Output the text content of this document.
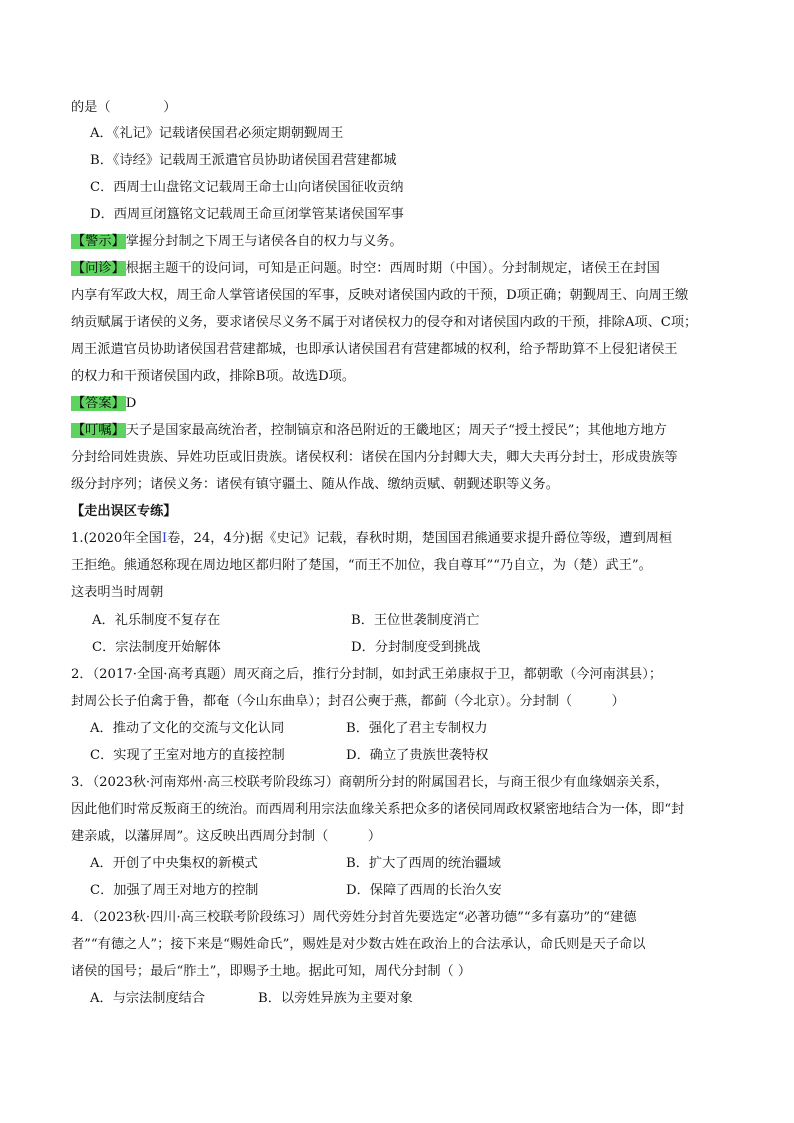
的是（　　　　）
A．《礼记》记载诸侯国君必须定期朝觐周王
B．《诗经》记载周王派遣官员协助诸侯国君营建都城
C．西周士山盘铭文记载周王命士山向诸侯国征收贡纳
D．西周亘闭簋铭文记载周王命亘闭掌管某诸侯国军事
【警示】掌握分封制之下周王与诸侯各自的权力与义务。
【问诊】根据主题干的设问词，可知是正问题。时空：西周时期（中国）。分封制规定，诸侯王在封国
内享有军政大权，周王命人掌管诸侯国的军事，反映对诸侯国内政的干预，D项正确；朝觐周王、向周王缴
纳贡赋属于诸侯的义务，要求诸侯尽义务不属于对诸侯权力的侵夺和对诸侯国内政的干预，排除A项、C项；
周王派遣官员协助诸侯国君营建都城，也即承认诸侯国君有营建都城的权利，给予帮助算不上侵犯诸侯王
的权力和干预诸侯国内政，排除B项。故选D项。
【答案】D
【叮嘱】天子是国家最高统治者，控制镐京和洛邑附近的王畿地区；周天子“授土授民”；其他地方地方
分封给同姓贵族、异姓功臣或旧贵族。诸侯权利：诸侯在国内分封卿大夫，卿大夫再分封士，形成贵族等
级分封序列；诸侯义务：诸侯有镇守疆土、随从作战、缴纳贡赋、朝觐述职等义务。
【走出误区专练】
1.(2020年全国Ⅰ卷，24，4分)据《史记》记载，春秋时期，楚国国君熊通要求提升爵位等级，遭到周桓
王拒绝。熊通怒称现在周边地区都归附了楚国，“而王不加位，我自尊耳”“乃自立，为（楚）武王”。
这表明当时周朝
A．礼乐制度不复存在	B．王位世袭制度消亡
C．宗法制度开始解体	D．分封制度受到挑战
2．（2017·全国·高考真题）周灭商之后，推行分封制，如封武王弟康叔于卫，都朝歌（今河南淇县）；
封周公长子伯禽于鲁，都奄（今山东曲阜）；封召公奭于燕，都蓟（今北京）。分封制（　　　）
A．推动了文化的交流与文化认同	B．强化了君主专制权力
C．实现了王室对地方的直接控制	D．确立了贵族世袭特权
3．（2023秋·河南郑州·高三校联考阶段练习）商朝所分封的附属国君长，与商王很少有血缘姻亲关系，
因此他们时常反叛商王的统治。而西周利用宗法血缘关系把众多的诸侯同周政权紧密地结合为一体，即“封
建亲戚，以藩屏周”。这反映出西周分封制（　　　）
A．开创了中央集权的新模式	B．扩大了西周的统治疆域
C．加强了周王对地方的控制	D．保障了西周的长治久安
4．（2023秋·四川·高三校联考阶段练习）周代旁姓分封首先要选定“必著功德”“多有嘉功”的“建德
者”“有德之人”；接下来是“赐姓命氏”，赐姓是对少数古姓在政治上的合法承认，命氏则是天子命以
诸侯的国号；最后“胙土”，即赐予土地。据此可知，周代分封制（ ）
A．与宗法制度结合	B．以旁姓异族为主要对象
